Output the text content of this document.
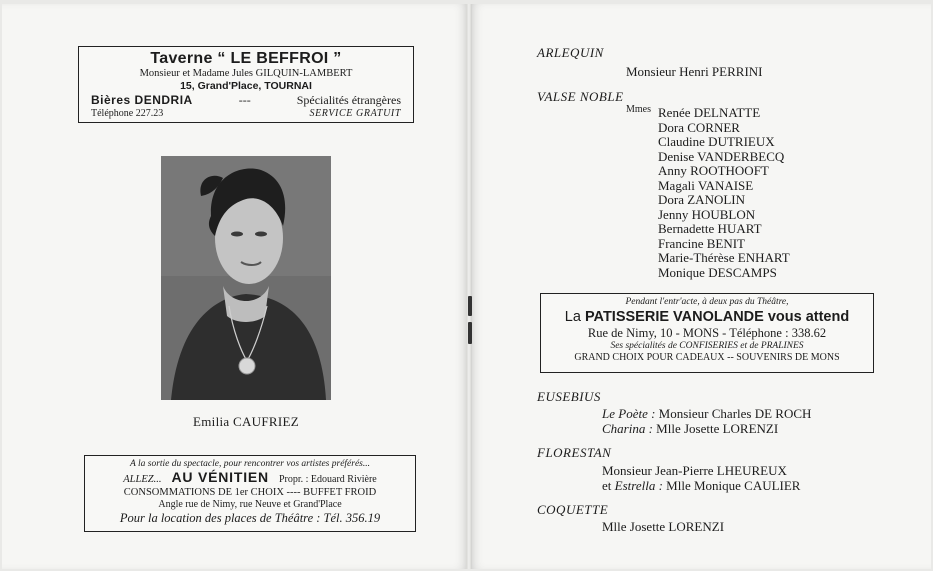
Taverne “ LE BEFFROI ”
Monsieur et Madame Jules GILQUIN-LAMBERT
15, Grand'Place, TOURNAI
Bières DENDRIA	---	Spécialités étrangères
Téléphone 227.23	SERVICE GRATUIT
Emilia CAUFRIEZ
A la sortie du spectacle, pour rencontrer vos artistes préférés...
ALLEZ... AU VÉNITIEN Propr. : Edouard Rivière
CONSOMMATIONS DE 1er CHOIX ---- BUFFET FROID
Angle rue de Nimy, rue Neuve et Grand'Place
Pour la location des places de Théâtre : Tél. 356.19
ARLEQUIN
Monsieur Henri PERRINI
VALSE NOBLE
Mmes Renée DELNATTE
Dora CORNER
Claudine DUTRIEUX
Denise VANDERBECQ
Anny ROOTHOOFT
Magali VANAISE
Dora ZANOLIN
Jenny HOUBLON
Bernadette HUART
Francine BENIT
Marie-Thérèse ENHART
Monique DESCAMPS
Pendant l'entr'acte, à deux pas du Théâtre,
La PATISSERIE VANOLANDE vous attend
Rue de Nimy, 10 - MONS - Téléphone : 338.62
Ses spécialités de CONFISERIES et de PRALINES
GRAND CHOIX POUR CADEAUX -- SOUVENIRS DE MONS
EUSEBIUS
Le Poète : Monsieur Charles DE ROCH
Charina : Mlle Josette LORENZI
FLORESTAN
Monsieur Jean-Pierre LHEUREUX
et Estrella : Mlle Monique CAULIER
COQUETTE
Mlle Josette LORENZI
